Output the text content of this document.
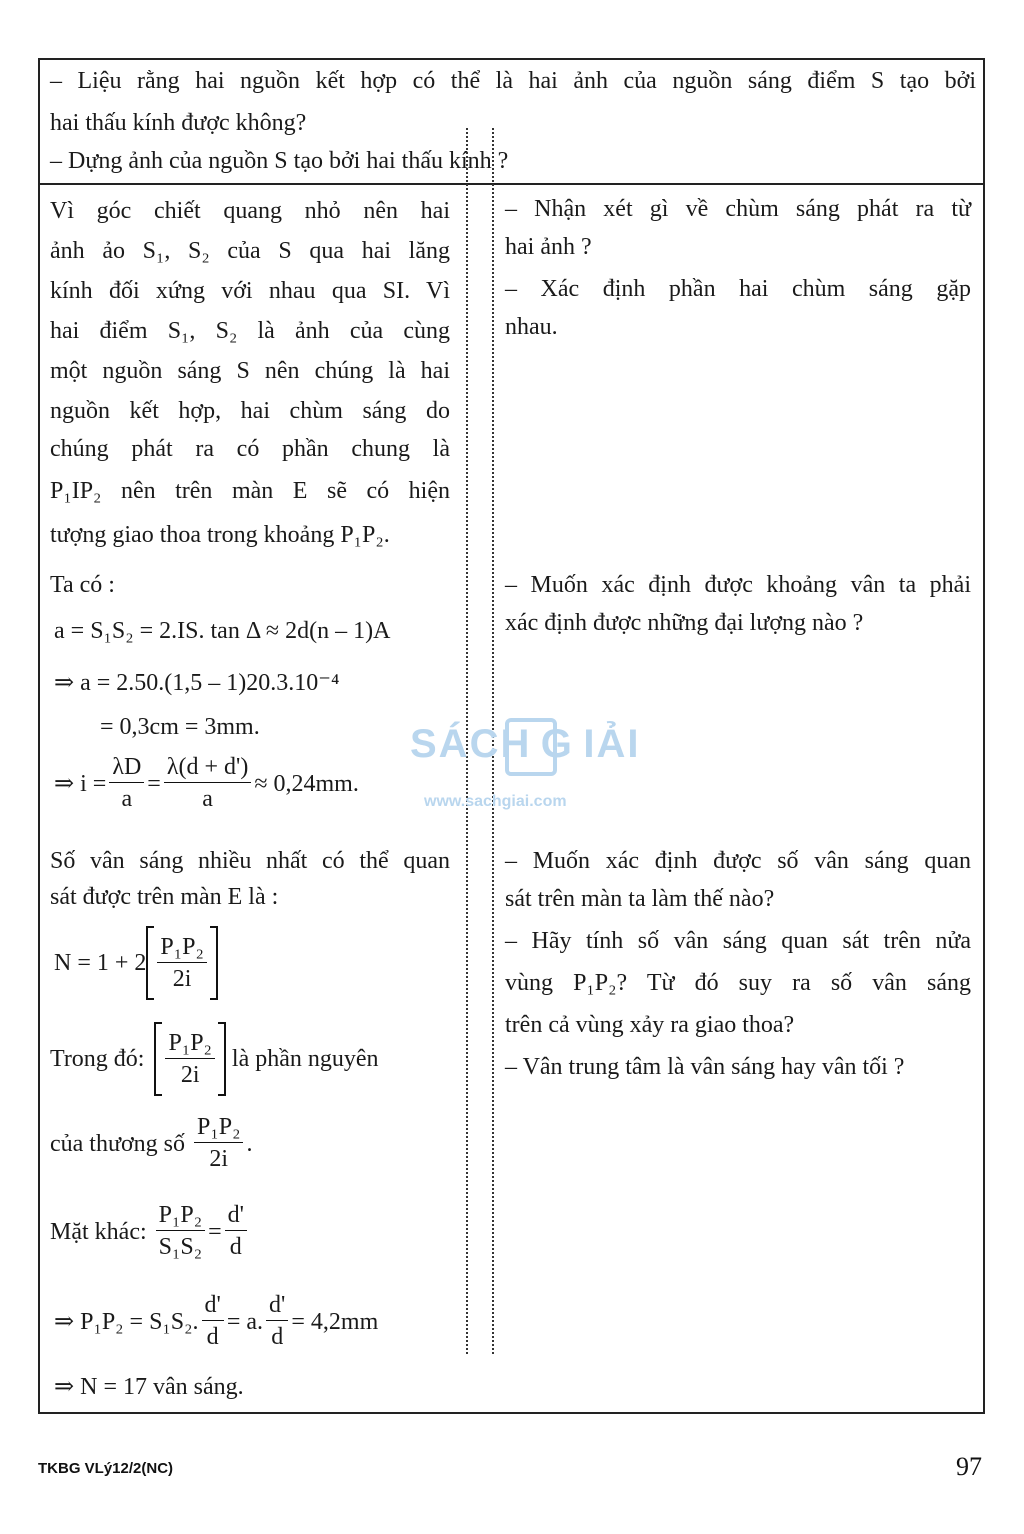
– Liệu rằng hai nguồn kết hợp có thể là hai ảnh của nguồn sáng điểm S tạo bởi
hai thấu kính được không?
– Dựng ảnh của nguồn S tạo bởi hai thấu kính ?
Vì góc chiết quang nhỏ nên hai
ảnh ảo S₁, S₂ của S qua hai lăng
kính đối xứng với nhau qua SI. Vì
hai điểm S₁, S₂ là ảnh của cùng
một nguồn sáng S nên chúng là hai
nguồn kết hợp, hai chùm sáng do
chúng phát ra có phần chung là
P₁IP₂ nên trên màn E sẽ có hiện
tượng giao thoa trong khoảng P₁P₂.
Ta có :
a = S₁S₂ = 2.IS. tan Δ ≈ 2d(n – 1)A
⇒ a = 2.50.(1,5 – 1)20.3.10⁻⁴
= 0,3cm = 3mm.
⇒ $i = \frac{\lambda D}{a} = \frac{\lambda(d + d')}{a} \approx 0,24mm$.
Số vân sáng nhiều nhất có thể quan
sát được trên màn E là :
$N = 1 + 2 \frac{\text{P₁P₂}}{2i}$
Trong đó: $\frac{\text{P₁P₂}}{2i}$ là phần nguyên
của thương số $\frac{\text{P₁P₂}}{2i}$ .
Mặt khác: $\frac{\text{P₁P₂}}{\text{S₁S₂}} = \frac{d'}{d}$
⇒ P₁P₂ = S₁S₂. $\frac{d'}{d} = a$. $\frac{d'}{d} = 4,2mm$
⇒ N = 17 vân sáng.
– Nhận xét gì về chùm sáng phát ra từ
hai ảnh ?
– Xác định phần hai chùm sáng gặp
nhau.
– Muốn xác định được khoảng vân ta phải
xác định được những đại lượng nào ?
– Muốn xác định được số vân sáng quan
sát trên màn ta làm thế nào?
– Hãy tính số vân sáng quan sát trên nửa
vùng P₁P₂? Từ đó suy ra số vân sáng
trên cả vùng xảy ra giao thoa?
– Vân trung tâm là vân sáng hay vân tối ?
SÁCH G IẢI
www.sachgiai.com
TKBG VLý12/2(NC)	97
